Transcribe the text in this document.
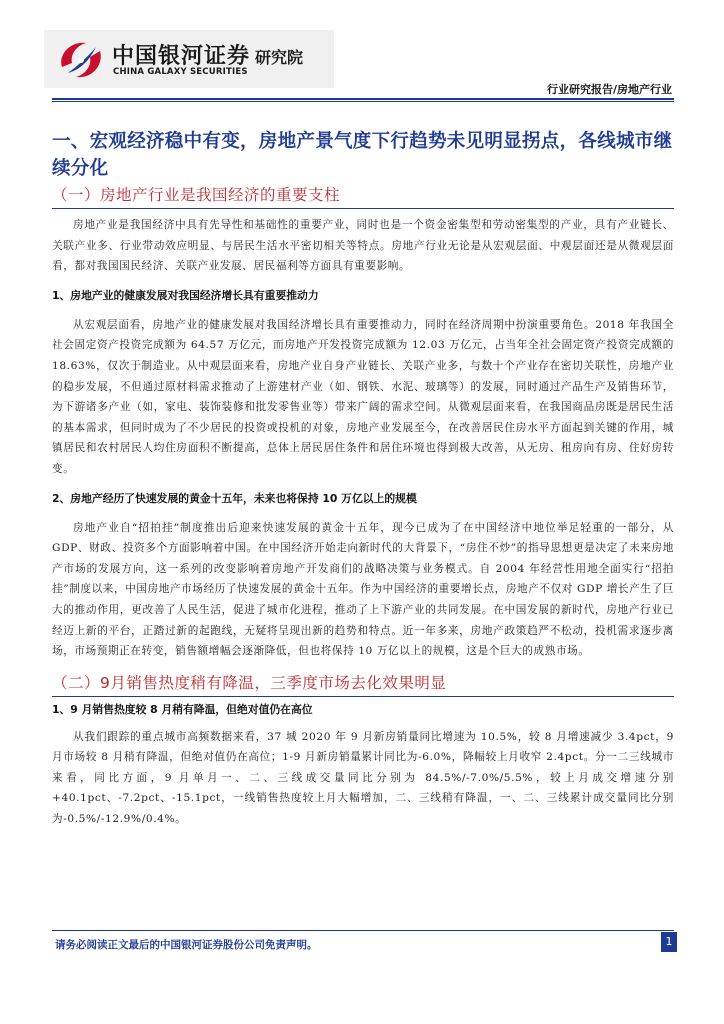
中国银河证券
CHINA GALAXY SECURITIES
研究院
行业研究报告/房地产行业
一、宏观经济稳中有变，房地产景气度下行趋势未见明显拐点，各线城市继续分化
（一）房地产行业是我国经济的重要支柱

房地产业是我国经济中具有先导性和基础性的重要产业，同时也是一个资金密集型和劳动密集型的产业，具有产业链长、关联产业多、行业带动效应明显、与居民生活水平密切相关等特点。房地产行业无论是从宏观层面、中观层面还是从微观层面看，都对我国国民经济、关联产业发展、居民福利等方面具有重要影响。

1、房地产业的健康发展对我国经济增长具有重要推动力

从宏观层面看，房地产业的健康发展对我国经济增长具有重要推动力，同时在经济周期中扮演重要角色。2018 年我国全社会固定资产投资完成额为 64.57 万亿元，而房地产开发投资完成额为 12.03 万亿元，占当年全社会固定资产投资完成额的 18.63%，仅次于制造业。从中观层面来看，房地产业自身产业链长、关联产业多，与数十个产业存在密切关联性，房地产业的稳步发展，不但通过原材料需求推动了上游建材产业（如、钢铁、水泥、玻璃等）的发展，同时通过产品生产及销售环节，为下游诸多产业（如，家电、装饰装修和批发零售业等）带来广阔的需求空间。从微观层面来看，在我国商品房既是居民生活的基本需求，但同时成为了不少居民的投资或投机的对象，房地产业发展至今，在改善居民住房水平方面起到关键的作用，城镇居民和农村居民人均住房面积不断提高，总体上居民居住条件和居住环境也得到极大改善，从无房、租房向有房、住好房转变。

2、房地产经历了快速发展的黄金十五年，未来也将保持 10 万亿以上的规模

房地产业自“招拍挂”制度推出后迎来快速发展的黄金十五年，现今已成为了在中国经济中地位举足轻重的一部分，从 GDP、财政、投资多个方面影响着中国。在中国经济开始走向新时代的大背景下，“房住不炒”的指导思想更是决定了未来房地产市场的发展方向，这一系列的改变影响着房地产开发商们的战略决策与业务模式。自 2004 年经营性用地全面实行“招拍挂”制度以来，中国房地产市场经历了快速发展的黄金十五年。作为中国经济的重要增长点，房地产不仅对 GDP 增长产生了巨大的推动作用，更改善了人民生活，促进了城市化进程，推动了上下游产业的共同发展。在中国发展的新时代，房地产行业已经迈上新的平台，正踏过新的起跑线，无疑将呈现出新的趋势和特点。近一年多来，房地产政策趋严不松动，投机需求逐步离场，市场预期正在转变，销售额增幅会逐渐降低，但也将保持 10 万亿以上的规模，这是个巨大的成熟市场。

（二）9月销售热度稍有降温，三季度市场去化效果明显
1、9 月销售热度较 8 月稍有降温，但绝对值仍在高位

从我们跟踪的重点城市高频数据来看，37 城 2020 年 9 月新房销量同比增速为 10.5%，较 8 月增速减少 3.4pct，9 月市场较 8 月稍有降温，但绝对值仍在高位；1-9 月新房销量累计同比为-6.0%，降幅较上月收窄 2.4pct。分一二三线城市来看，同比方面，9 月单月一、二、三线成交量同比分别为 84.5%/-7.0%/5.5%，较上月成交增速分别+40.1pct、-7.2pct、-15.1pct，一线销售热度较上月大幅增加，二、三线稍有降温，一、二、三线累计成交量同比分别为-0.5%/-12.9%/0.4%。

请务必阅读正文最后的中国银河证券股份公司免责声明。	1
